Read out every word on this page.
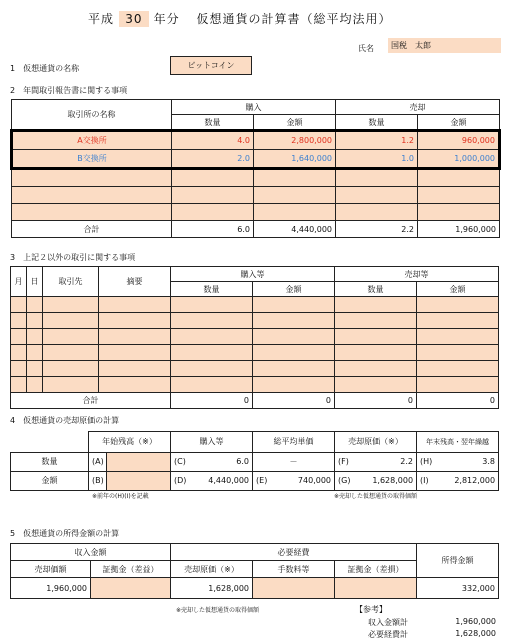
平成 30 年分 仮想通貨の計算書（総平均法用）
氏名	国税　太郎
1　仮想通貨の名称	ビットコイン
2　年間取引報告書に関する事項
取引所の名称	購入		売却	
	数量	金額	数量	金額
A交換所	4.0	2,800,000	1.2	960,000
B交換所	2.0	1,640,000	1.0	1,000,000

合計	6.0	4,440,000	2.2	1,960,000
3　上記２以外の取引に関する事項
月	日	取引先	摘要	購入等		売却等	
				数量	金額	数量	金額

合計				0	0	0	0
4　仮想通貨の売却原価の計算
	年始残高（※）		購入等		総平均単価		売却原価（※）		年末残高・翌年繰越	
数量	(A)		(C)	6.0	－		(F)	2.2	(H)	3.8
金額	(B)		(D)	4,440,000	(E)	740,000	(G)	1,628,000	(I)	2,812,000
※前年の(H)(I)を記載	※売却した仮想通貨の取得価額
5　仮想通貨の所得金額の計算
収入金額		必要経費			所得金額
売却価額	証拠金（差益）	売却原価（※）	手数料等	証拠金（差損）	
1,960,000		1,628,000			332,000
※売却した仮想通貨の取得価額	【参考】
収入金額計	1,960,000
必要経費計	1,628,000
